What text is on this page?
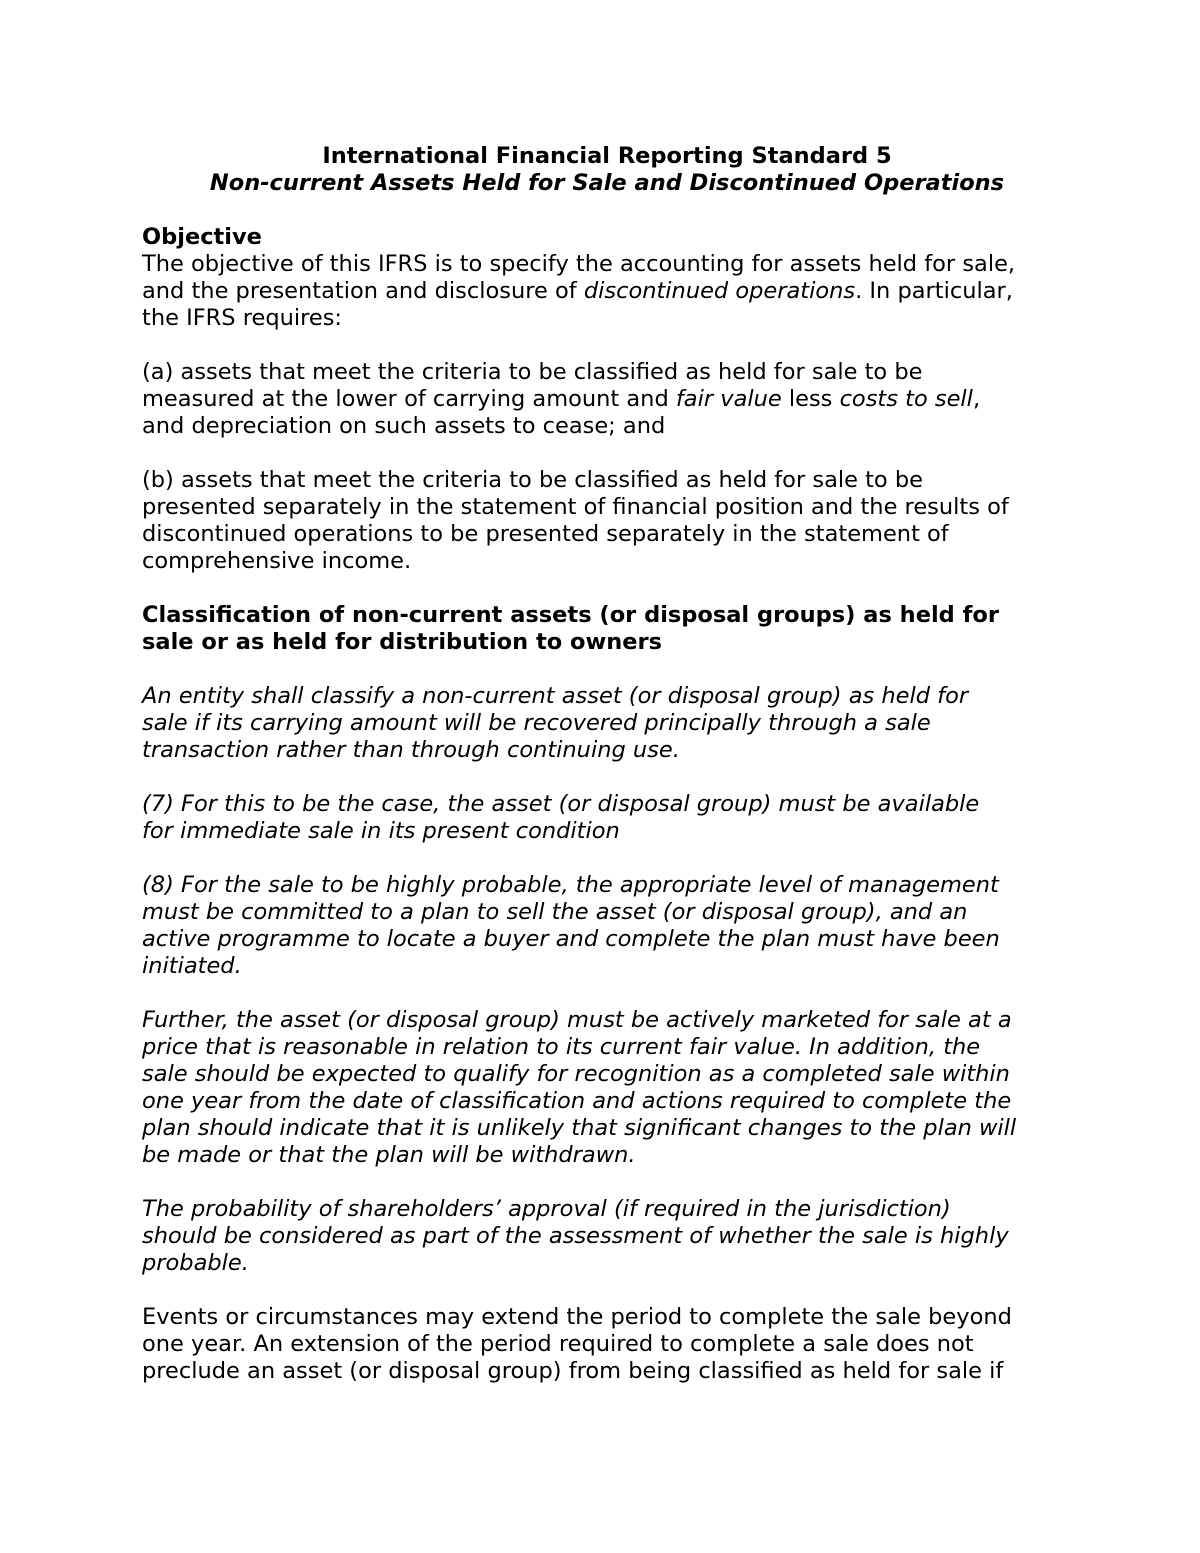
International Financial Reporting Standard 5
Non-current Assets Held for Sale and Discontinued Operations
Objective

The objective of this IFRS is to specify the accounting for assets held for sale,
and the presentation and disclosure of discontinued operations. In particular,
the IFRS requires:

(a) assets that meet the criteria to be classified as held for sale to be
measured at the lower of carrying amount and fair value less costs to sell,
and depreciation on such assets to cease; and

(b) assets that meet the criteria to be classified as held for sale to be
presented separately in the statement of financial position and the results of
discontinued operations to be presented separately in the statement of
comprehensive income.

Classification of non-current assets (or disposal groups) as held for
sale or as held for distribution to owners

An entity shall classify a non-current asset (or disposal group) as held for
sale if its carrying amount will be recovered principally through a sale
transaction rather than through continuing use.

(7) For this to be the case, the asset (or disposal group) must be available
for immediate sale in its present condition

(8) For the sale to be highly probable, the appropriate level of management
must be committed to a plan to sell the asset (or disposal group), and an
active programme to locate a buyer and complete the plan must have been
initiated.

Further, the asset (or disposal group) must be actively marketed for sale at a
price that is reasonable in relation to its current fair value. In addition, the
sale should be expected to qualify for recognition as a completed sale within
one year from the date of classification and actions required to complete the
plan should indicate that it is unlikely that significant changes to the plan will
be made or that the plan will be withdrawn.

The probability of shareholders’ approval (if required in the jurisdiction)
should be considered as part of the assessment of whether the sale is highly
probable.

Events or circumstances may extend the period to complete the sale beyond
one year. An extension of the period required to complete a sale does not
preclude an asset (or disposal group) from being classified as held for sale if
